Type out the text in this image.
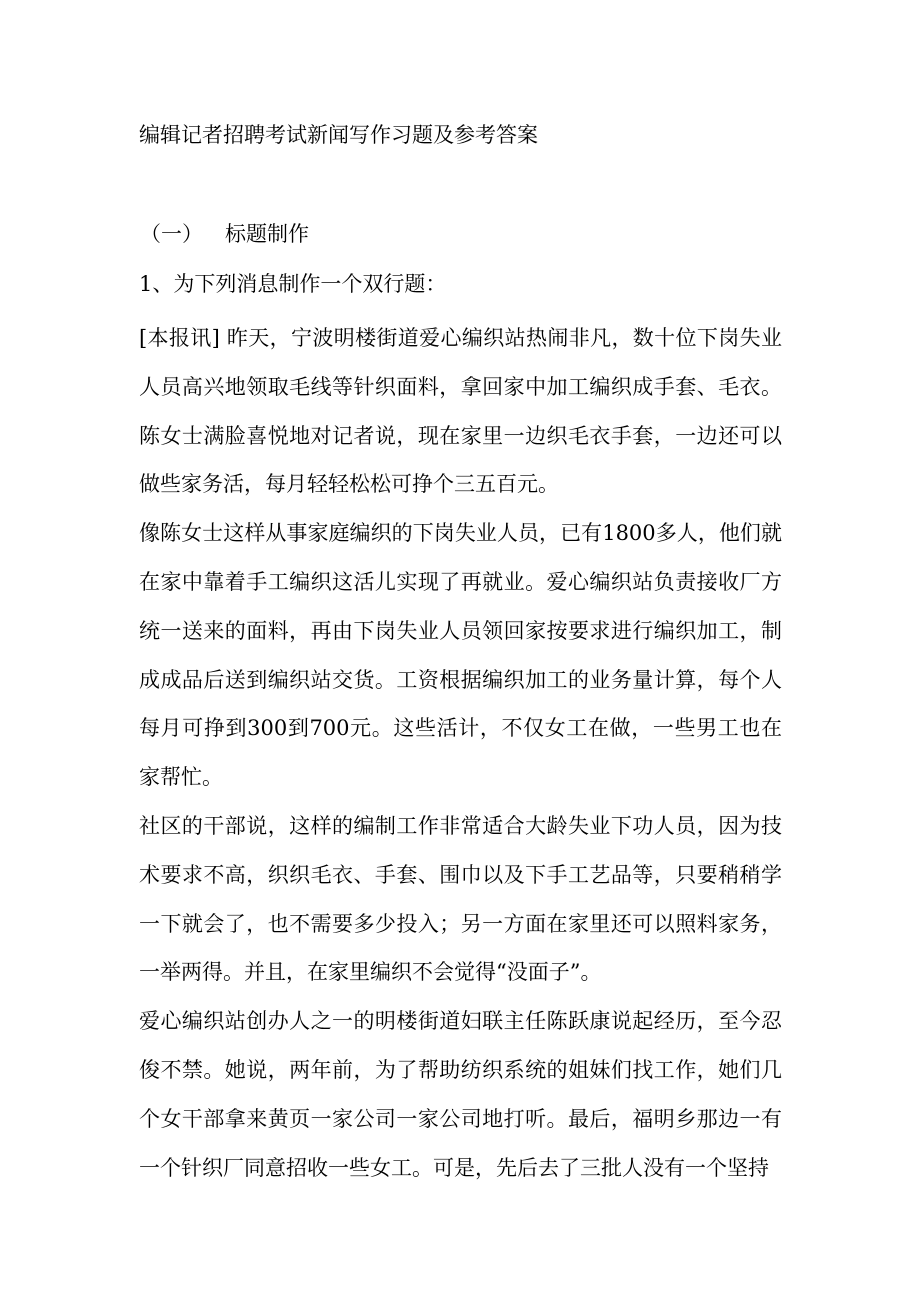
编辑记者招聘考试新闻写作习题及参考答案
（一） 标题制作
1、为下列消息制作一个双行题：

[本报讯] 昨天，宁波明楼街道爱心编织站热闹非凡，数十位下岗失业人员高兴地领取毛线等针织面料，拿回家中加工编织成手套、毛衣。陈女士满脸喜悦地对记者说，现在家里一边织毛衣手套，一边还可以做些家务活，每月轻轻松松可挣个三五百元。

像陈女士这样从事家庭编织的下岗失业人员，已有1800多人，他们就在家中靠着手工编织这活儿实现了再就业。爱心编织站负责接收厂方统一送来的面料，再由下岗失业人员领回家按要求进行编织加工，制成成品后送到编织站交货。工资根据编织加工的业务量计算，每个人每月可挣到300到700元。这些活计，不仅女工在做，一些男工也在家帮忙。

社区的干部说，这样的编制工作非常适合大龄失业下功人员，因为技术要求不高，织织毛衣、手套、围巾以及下手工艺品等，只要稍稍学一下就会了，也不需要多少投入；另一方面在家里还可以照料家务，一举两得。并且，在家里编织不会觉得“没面子”。

爱心编织站创办人之一的明楼街道妇联主任陈跃康说起经历，至今忍俊不禁。她说，两年前，为了帮助纺织系统的姐妹们找工作，她们几个女干部拿来黄页一家公司一家公司地打听。最后，福明乡那边一有一个针织厂同意招收一些女工。可是，先后去了三批人没有一个坚持
